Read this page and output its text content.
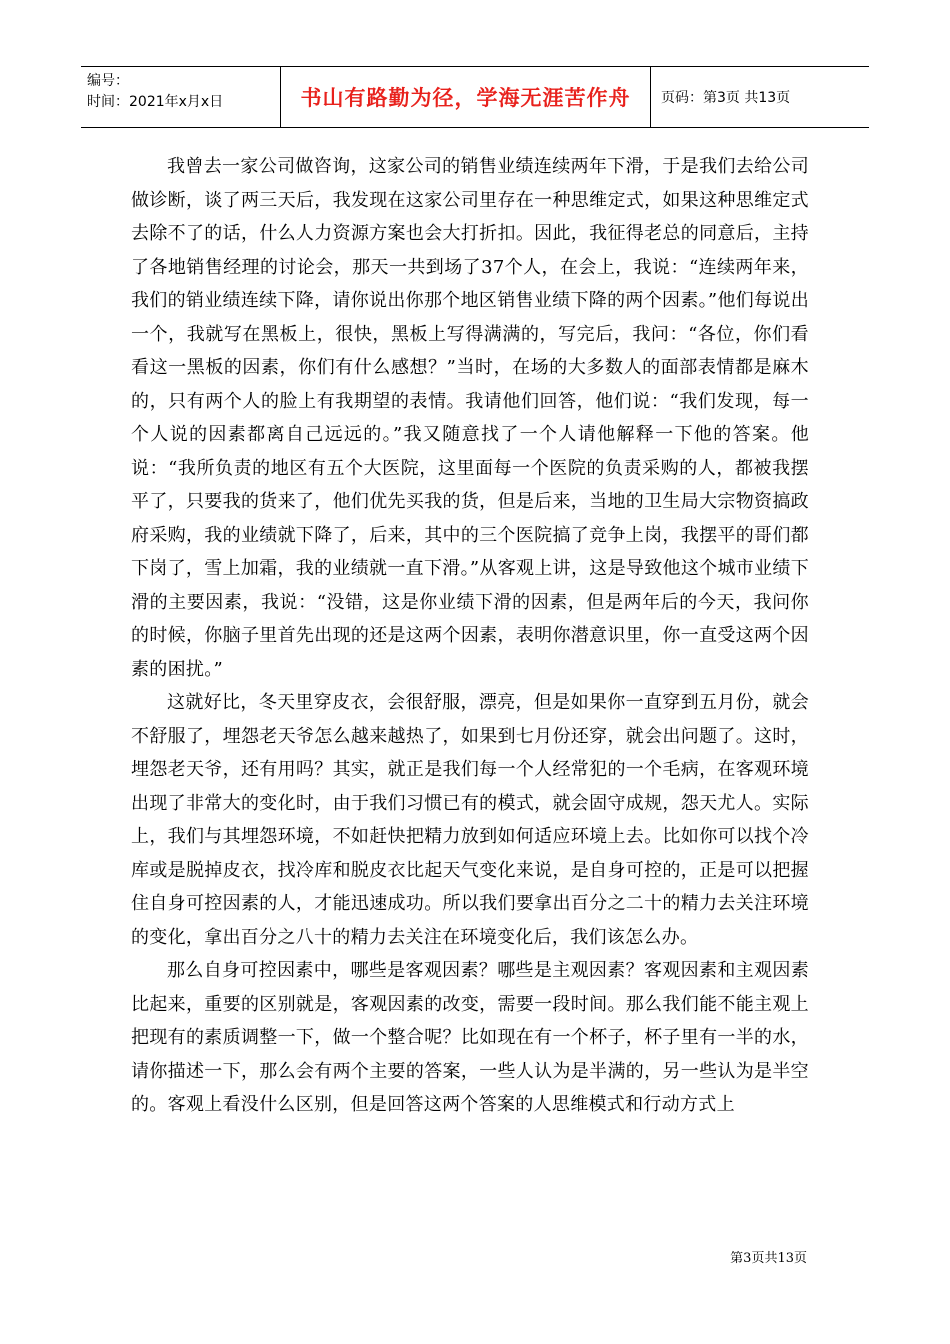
编号：
时间：2021年x月x日	书山有路勤为径，学海无涯苦作舟	页码：第3页 共13页

我曾去一家公司做咨询，这家公司的销售业绩连续两年下滑，于是我们去给公司做诊断，谈了两三天后，我发现在这家公司里存在一种思维定式，如果这种思维定式去除不了的话，什么人力资源方案也会大打折扣。因此，我征得老总的同意后，主持了各地销售经理的讨论会，那天一共到场了37个人，在会上，我说：“连续两年来，我们的销业绩连续下降，请你说出你那个地区销售业绩下降的两个因素。”他们每说出一个，我就写在黑板上，很快，黑板上写得满满的，写完后，我问：“各位，你们看看这一黑板的因素，你们有什么感想？”当时，在场的大多数人的面部表情都是麻木的，只有两个人的脸上有我期望的表情。我请他们回答，他们说：“我们发现，每一个人说的因素都离自己远远的。”我又随意找了一个人请他解释一下他的答案。他说：“我所负责的地区有五个大医院，这里面每一个医院的负责采购的人，都被我摆平了，只要我的货来了，他们优先买我的货，但是后来，当地的卫生局大宗物资搞政府采购，我的业绩就下降了，后来，其中的三个医院搞了竞争上岗，我摆平的哥们都下岗了，雪上加霜，我的业绩就一直下滑。”从客观上讲，这是导致他这个城市业绩下滑的主要因素，我说：“没错，这是你业绩下滑的因素，但是两年后的今天，我问你的时候，你脑子里首先出现的还是这两个因素，表明你潜意识里，你一直受这两个因素的困扰。”

这就好比，冬天里穿皮衣，会很舒服，漂亮，但是如果你一直穿到五月份，就会不舒服了，埋怨老天爷怎么越来越热了，如果到七月份还穿，就会出问题了。这时，埋怨老天爷，还有用吗？其实，就正是我们每一个人经常犯的一个毛病，在客观环境出现了非常大的变化时，由于我们习惯已有的模式，就会固守成规，怨天尤人。实际上，我们与其埋怨环境，不如赶快把精力放到如何适应环境上去。比如你可以找个冷库或是脱掉皮衣，找冷库和脱皮衣比起天气变化来说，是自身可控的，正是可以把握住自身可控因素的人，才能迅速成功。所以我们要拿出百分之二十的精力去关注环境的变化，拿出百分之八十的精力去关注在环境变化后，我们该怎么办。

那么自身可控因素中，哪些是客观因素？哪些是主观因素？客观因素和主观因素比起来，重要的区别就是，客观因素的改变，需要一段时间。那么我们能不能主观上把现有的素质调整一下，做一个整合呢？比如现在有一个杯子，杯子里有一半的水，请你描述一下，那么会有两个主要的答案，一些人认为是半满的，另一些认为是半空的。客观上看没什么区别，但是回答这两个答案的人思维模式和行动方式上

第3页共13页
